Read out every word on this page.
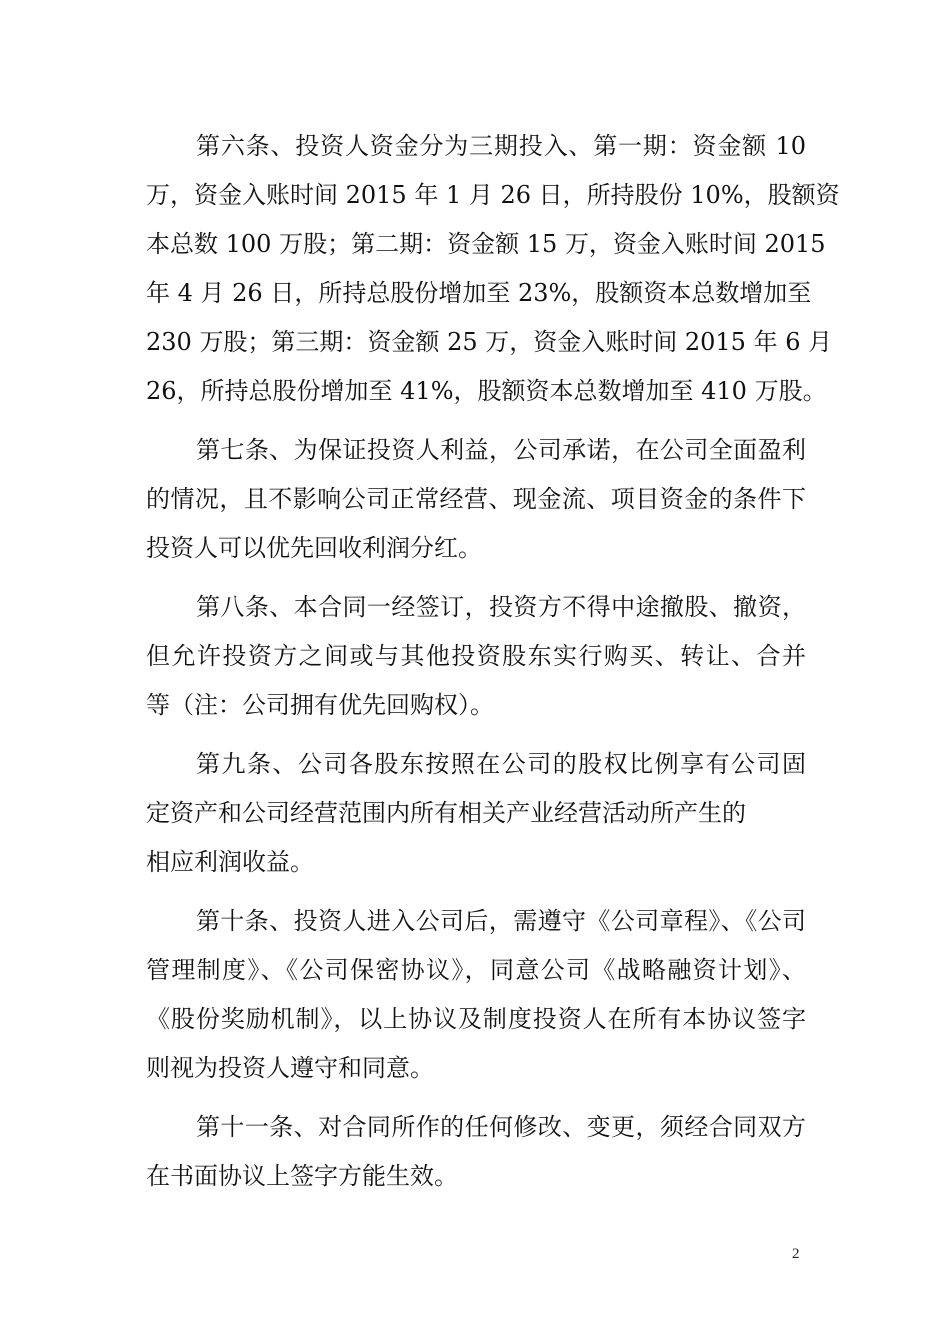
第六条、投资人资金分为三期投入、第一期：资金额 10
万，资金入账时间 2015 年 1 月 26 日，所持股份 10%，股额资
本总数 100 万股；第二期：资金额 15 万，资金入账时间 2015
年 4 月 26 日，所持总股份增加至 23%，股额资本总数增加至
230 万股；第三期：资金额 25 万，资金入账时间 2015 年 6 月
26，所持总股份增加至 41%，股额资本总数增加至 410 万股。
第七条、为保证投资人利益，公司承诺，在公司全面盈利
的情况，且不影响公司正常经营、现金流、项目资金的条件下
投资人可以优先回收利润分红。
第八条、本合同一经签订，投资方不得中途撤股、撤资，
但允许投资方之间或与其他投资股东实行购买、转让、合并
等（注：公司拥有优先回购权）。
第九条、公司各股东按照在公司的股权比例享有公司固
定资产和公司经营范围内所有相关产业经营活动所产生的
相应利润收益。
第十条、投资人进入公司后，需遵守《公司章程》、《公司
管理制度》、《公司保密协议》，同意公司《战略融资计划》、
《股份奖励机制》，以上协议及制度投资人在所有本协议签字
则视为投资人遵守和同意。
第十一条、对合同所作的任何修改、变更，须经合同双方
在书面协议上签字方能生效。
2
